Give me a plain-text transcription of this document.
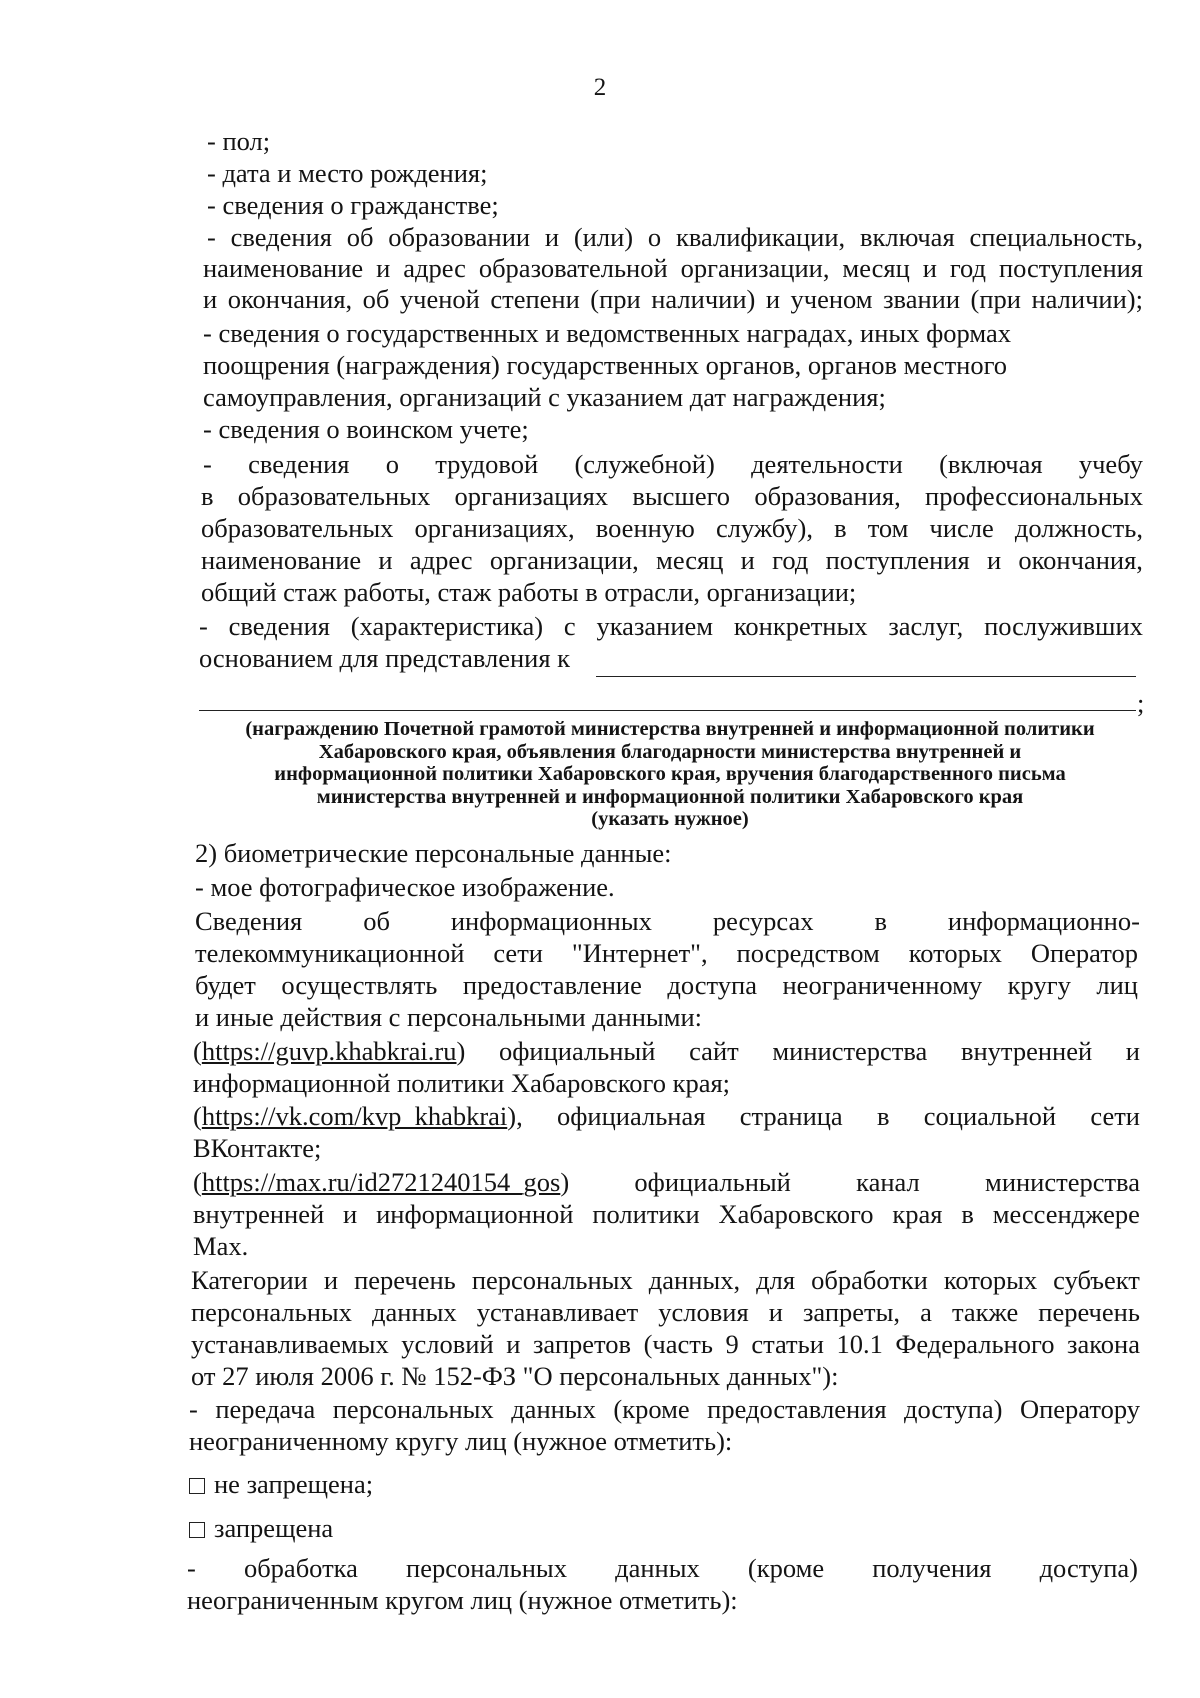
2
- пол;
- дата и место рождения;
- сведения о гражданстве;
- сведения об образовании и (или) о квалификации, включая специальность,
наименование и адрес образовательной организации, месяц и год поступления
и окончания, об ученой степени (при наличии) и ученом звании (при наличии);
- сведения о государственных и ведомственных наградах, иных формах
поощрения (награждения) государственных органов, органов местного
самоуправления, организаций с указанием дат награждения;
- сведения о воинском учете;
- сведения о трудовой (служебной) деятельности (включая учебу
в образовательных организациях высшего образования, профессиональных
образовательных организациях, военную службу), в том числе должность,
наименование и адрес организации, месяц и год поступления и окончания,
общий стаж работы, стаж работы в отрасли, организации;
- сведения (характеристика) с указанием конкретных заслуг, послуживших
основанием для представления к
;
(награждению Почетной грамотой министерства внутренней и информационной политики
Хабаровского края, объявления благодарности министерства внутренней и
информационной политики Хабаровского края, вручения благодарственного письма
министерства внутренней и информационной политики Хабаровского края
(указать нужное)
2) биометрические персональные данные:
- мое фотографическое изображение.
Сведения об информационных ресурсах в информационно-
телекоммуникационной сети "Интернет", посредством которых Оператор
будет осуществлять предоставление доступа неограниченному кругу лиц
и иные действия с персональными данными:
(https://guvp.khabkrai.ru) официальный сайт министерства внутренней и
информационной политики Хабаровского края;
(https://vk.com/kvp_khabkrai), официальная страница в социальной сети
ВКонтакте;
(https://max.ru/id2721240154_gos) официальный канал министерства
внутренней и информационной политики Хабаровского края в мессенджере
Max.
Категории и перечень персональных данных, для обработки которых субъект
персональных данных устанавливает условия и запреты, а также перечень
устанавливаемых условий и запретов (часть 9 статьи 10.1 Федерального закона
от 27 июля 2006 г. № 152-ФЗ "О персональных данных"):
- передача персональных данных (кроме предоставления доступа) Оператору
неограниченному кругу лиц (нужное отметить):
не запрещена;
запрещена
- обработка персональных данных (кроме получения доступа)
неограниченным кругом лиц (нужное отметить):
